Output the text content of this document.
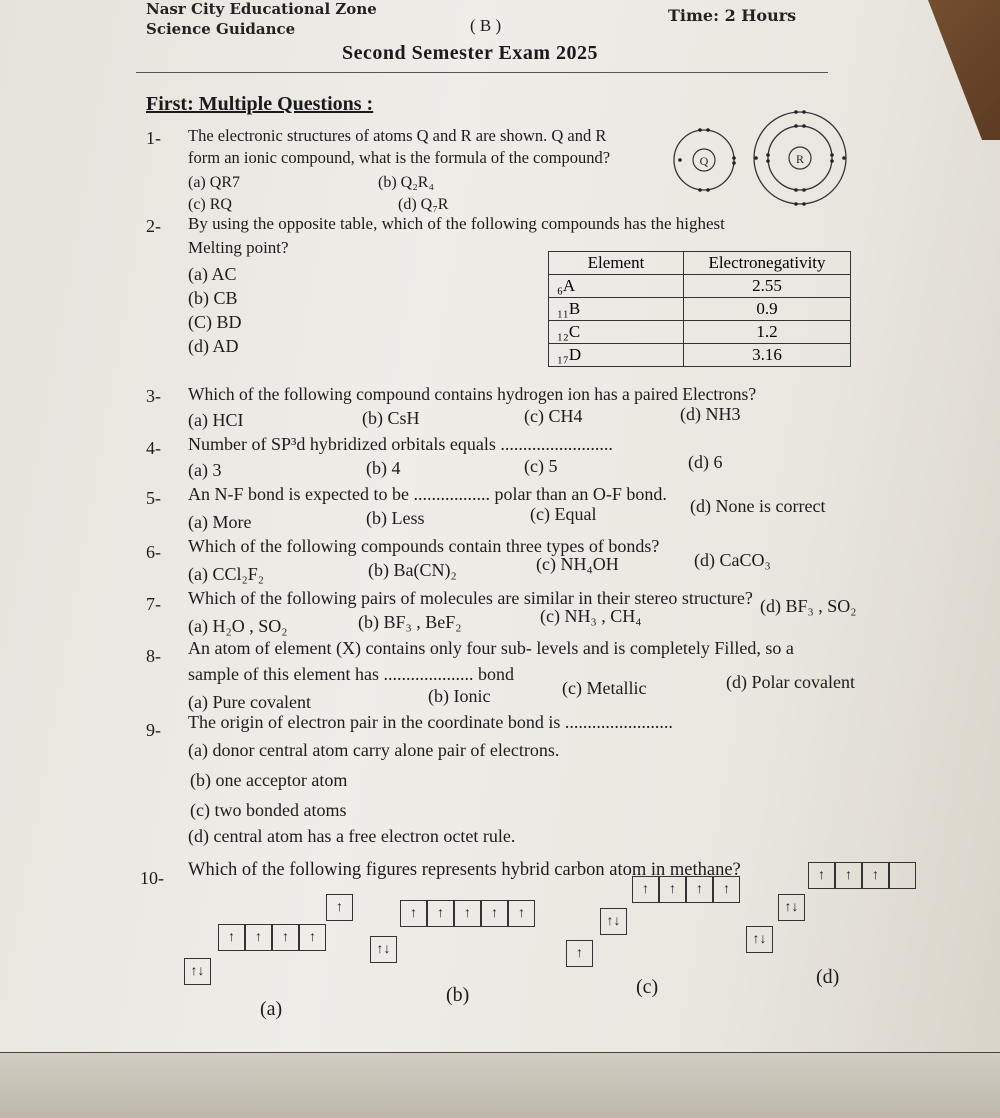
Nasr City Educational Zone
Science Guidance	( B )
Time: 2 Hours
Second Semester Exam 2025
First: Multiple Questions :
1- The electronic structures of atoms Q and R are shown. Q and R
form an ionic compound, what is the formula of the compound?
(a) QR7	(b) Q₂R₄
(c) RQ	(d) Q₇R
Q	R
2- By using the opposite table, which of the following compounds has the highest
Melting point?
(a) AC
(b) CB
(C) BD
(d) AD
Element	Electronegativity
₆A	2.55
₁₁B	0.9
₁₂C	1.2
₁₇D	3.16
3- Which of the following compound contains hydrogen ion has a paired Electrons?
(a) HCI	(b) CsH	(c) CH4	(d) NH3
4- Number of SP³d hybridized orbitals equals .........................
(a) 3	(b) 4	(c) 5	(d) 6
5- An N-F bond is expected to be ................. polar than an O-F bond.
(a) More	(b) Less	(c) Equal	(d) None is correct
6- Which of the following compounds contain three types of bonds?
(a) CCl₂F₂	(b) Ba(CN)₂	(c) NH₄OH	(d) CaCO₃
7- Which of the following pairs of molecules are similar in their stereo structure?
(a) H₂O , SO₂	(b) BF₃ , BeF₂	(c) NH₃ , CH₄	(d) BF₃ , SO₂
8- An atom of element (X) contains only four sub- levels and is completely Filled, so a
sample of this element has .................... bond
(a) Pure covalent	(b) Ionic	(c) Metallic	(d) Polar covalent
9- The origin of electron pair in the coordinate bond is ........................
(a) donor central atom carry alone pair of electrons.
(b) one acceptor atom
(c) two bonded atoms
(d) central atom has a free electron octet rule.
10- Which of the following figures represents hybrid carbon atom in methane?
↑
↑	↑	↑	↑
↑↓
(a)
↑	↑	↑	↑	↑
↑↓
(b)
↑	↑	↑	↑
↑↓
↑
(c)
↑	↑	↑
↑↓
↑↓
(d)
